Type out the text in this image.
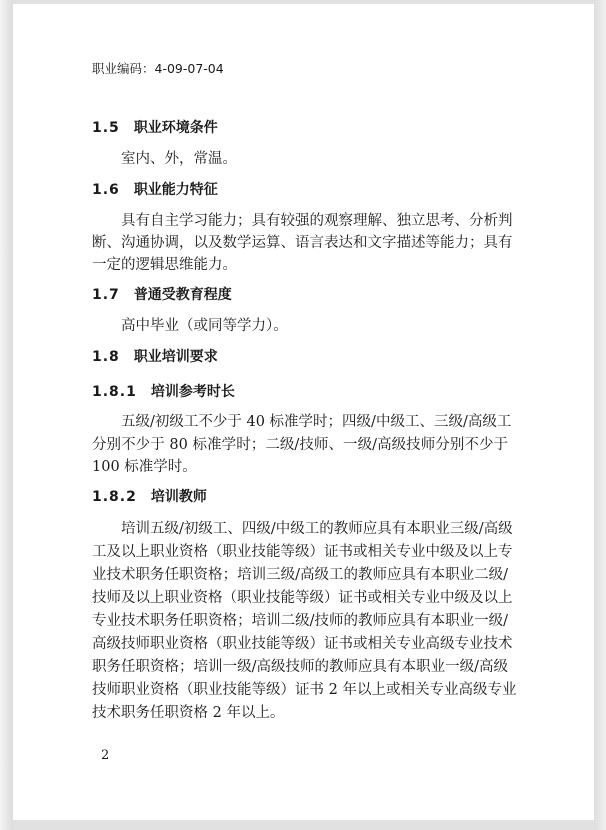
职业编码：4-09-07-04
1.5 职业环境条件
室内、外，常温。
1.6 职业能力特征
具有自主学习能力；具有较强的观察理解、独立思考、分析判
断、沟通协调，以及数学运算、语言表达和文字描述等能力；具有
一定的逻辑思维能力。
1.7 普通受教育程度
高中毕业（或同等学力）。
1.8 职业培训要求
1.8.1 培训参考时长
五级/初级工不少于 40 标准学时；四级/中级工、三级/高级工
分别不少于 80 标准学时；二级/技师、一级/高级技师分别不少于
100 标准学时。
1.8.2 培训教师
培训五级/初级工、四级/中级工的教师应具有本职业三级/高级
工及以上职业资格（职业技能等级）证书或相关专业中级及以上专
业技术职务任职资格；培训三级/高级工的教师应具有本职业二级/
技师及以上职业资格（职业技能等级）证书或相关专业中级及以上
专业技术职务任职资格；培训二级/技师的教师应具有本职业一级/
高级技师职业资格（职业技能等级）证书或相关专业高级专业技术
职务任职资格；培训一级/高级技师的教师应具有本职业一级/高级
技师职业资格（职业技能等级）证书 2 年以上或相关专业高级专业
技术职务任职资格 2 年以上。
2
